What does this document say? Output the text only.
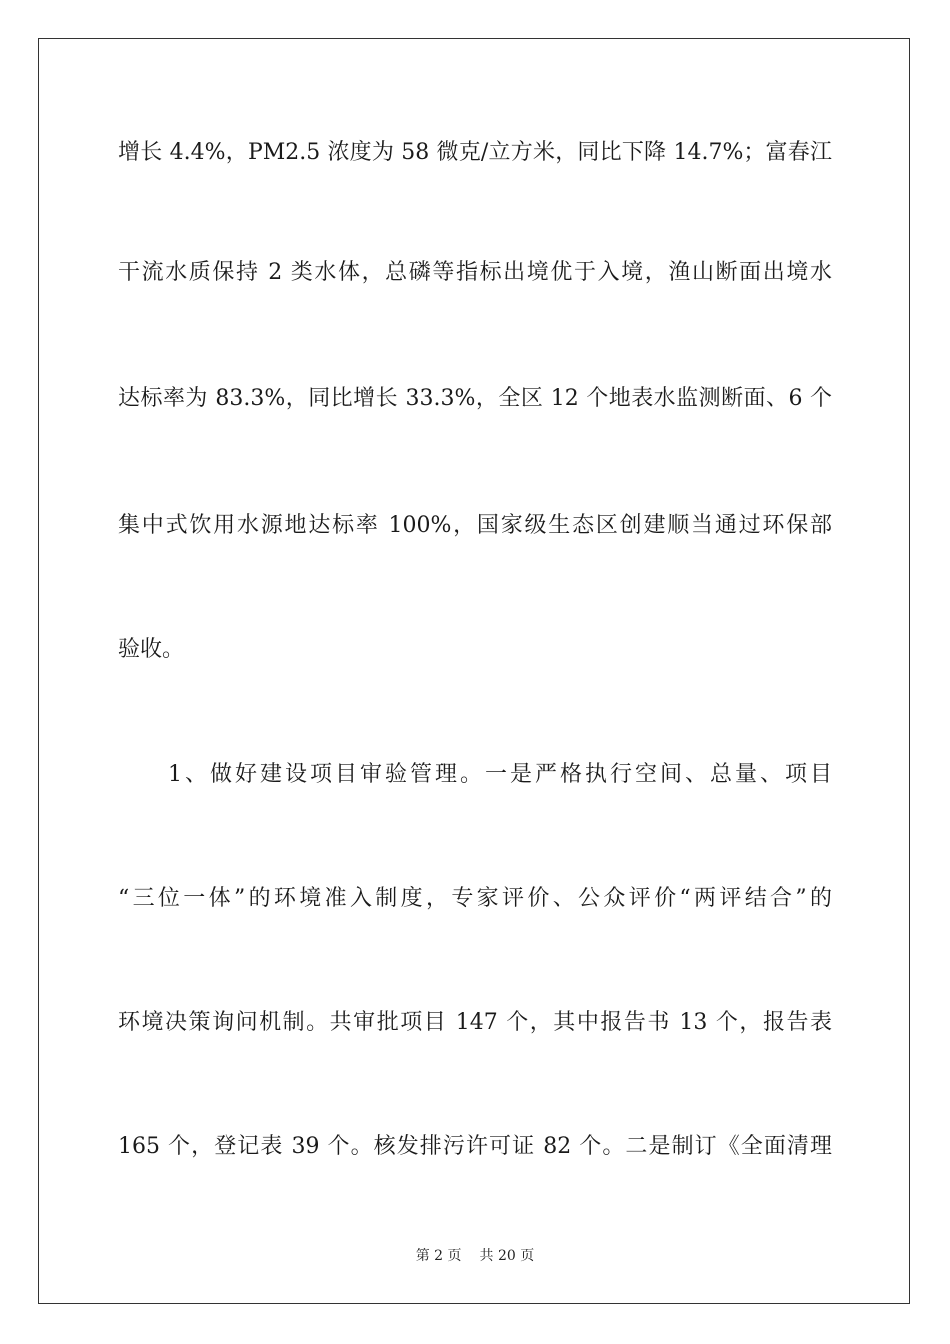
增长 4.4%，PM2.5 浓度为 58 微克/立方米，同比下降 14.7%；富春江
干流水质保持 2 类水体，总磷等指标出境优于入境，渔山断面出境水
达标率为 83.3%，同比增长 33.3%，全区 12 个地表水监测断面、6 个
集中式饮用水源地达标率 100%，国家级生态区创建顺当通过环保部
验收。
　　1、做好建设项目审验管理。一是严格执行空间、总量、项目
“三位一体”的环境准入制度，专家评价、公众评价“两评结合”的
环境决策询问机制。共审批项目 147 个，其中报告书 13 个，报告表
165 个，登记表 39 个。核发排污许可证 82 个。二是制订《全面清理
第 2 页 共 20 页
